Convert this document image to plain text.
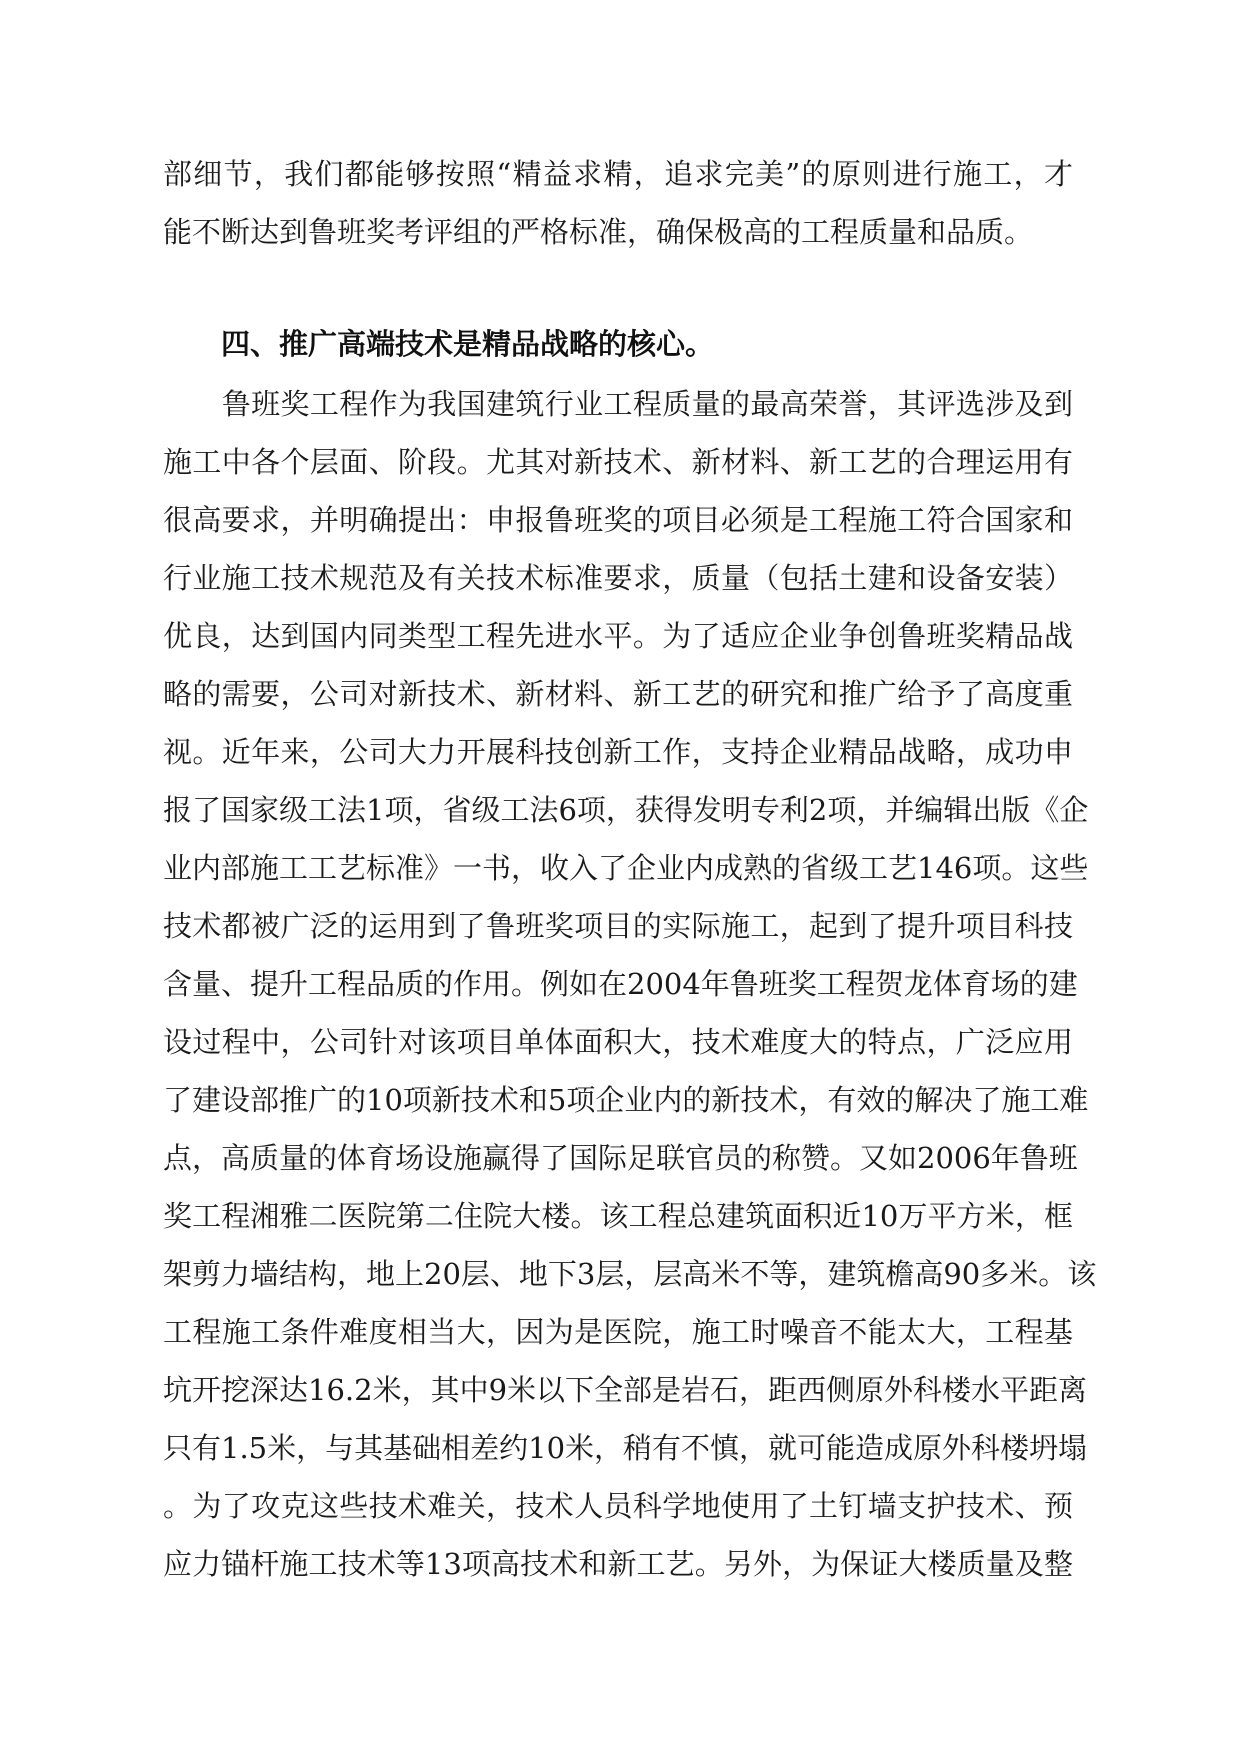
部细节，我们都能够按照“精益求精，追求完美”的原则进行施工，才
能不断达到鲁班奖考评组的严格标准，确保极高的工程质量和品质。
四、推广高端技术是精品战略的核心。
　　鲁班奖工程作为我国建筑行业工程质量的最高荣誉，其评选涉及到
施工中各个层面、阶段。尤其对新技术、新材料、新工艺的合理运用有
很高要求，并明确提出：申报鲁班奖的项目必须是工程施工符合国家和
行业施工技术规范及有关技术标准要求，质量（包括土建和设备安装）
优良，达到国内同类型工程先进水平。为了适应企业争创鲁班奖精品战
略的需要，公司对新技术、新材料、新工艺的研究和推广给予了高度重
视。近年来，公司大力开展科技创新工作，支持企业精品战略，成功申
报了国家级工法1项，省级工法6项，获得发明专利2项，并编辑出版《企
业内部施工工艺标准》一书，收入了企业内成熟的省级工艺146项。这些
技术都被广泛的运用到了鲁班奖项目的实际施工，起到了提升项目科技
含量、提升工程品质的作用。例如在2004年鲁班奖工程贺龙体育场的建
设过程中，公司针对该项目单体面积大，技术难度大的特点，广泛应用
了建设部推广的10项新技术和5项企业内的新技术，有效的解决了施工难
点，高质量的体育场设施赢得了国际足联官员的称赞。又如2006年鲁班
奖工程湘雅二医院第二住院大楼。该工程总建筑面积近10万平方米，框
架剪力墙结构，地上20层、地下3层，层高米不等，建筑檐高90多米。该
工程施工条件难度相当大，因为是医院，施工时噪音不能太大，工程基
坑开挖深达16.2米，其中9米以下全部是岩石，距西侧原外科楼水平距离
只有1.5米，与其基础相差约10米，稍有不慎，就可能造成原外科楼坍塌
。为了攻克这些技术难关，技术人员科学地使用了土钉墙支护技术、预
应力锚杆施工技术等13项高技术和新工艺。另外，为保证大楼质量及整
